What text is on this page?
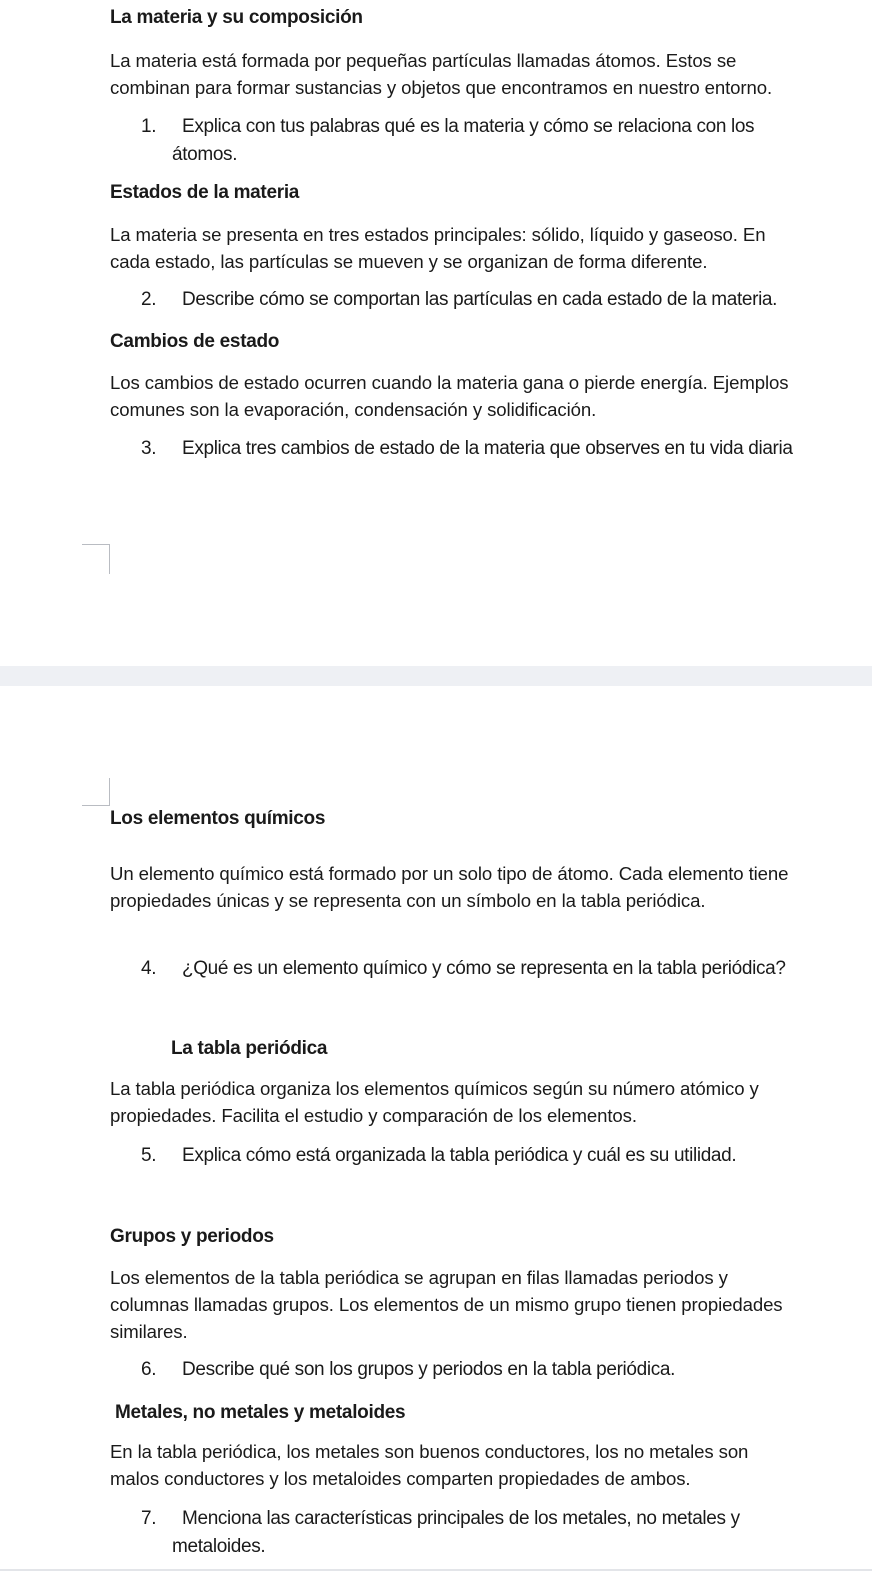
La materia y su composición

La materia está formada por pequeñas partículas llamadas átomos. Estos se
combinan para formar sustancias y objetos que encontramos en nuestro entorno.

1. Explica con tus palabras qué es la materia y cómo se relaciona con los
átomos.
Estados de la materia

La materia se presenta en tres estados principales: sólido, líquido y gaseoso. En
cada estado, las partículas se mueven y se organizan de forma diferente.

2. Describe cómo se comportan las partículas en cada estado de la materia.
Cambios de estado

Los cambios de estado ocurren cuando la materia gana o pierde energía. Ejemplos
comunes son la evaporación, condensación y solidificación.

3. Explica tres cambios de estado de la materia que observes en tu vida diaria
Los elementos químicos

Un elemento químico está formado por un solo tipo de átomo. Cada elemento tiene
propiedades únicas y se representa con un símbolo en la tabla periódica.

4. ¿Qué es un elemento químico y cómo se representa en la tabla periódica?
La tabla periódica

La tabla periódica organiza los elementos químicos según su número atómico y
propiedades. Facilita el estudio y comparación de los elementos.

5. Explica cómo está organizada la tabla periódica y cuál es su utilidad.
Grupos y periodos

Los elementos de la tabla periódica se agrupan en filas llamadas periodos y
columnas llamadas grupos. Los elementos de un mismo grupo tienen propiedades
similares.

6. Describe qué son los grupos y periodos en la tabla periódica.
Metales, no metales y metaloides

En la tabla periódica, los metales son buenos conductores, los no metales son
malos conductores y los metaloides comparten propiedades de ambos.

7. Menciona las características principales de los metales, no metales y
metaloides.
